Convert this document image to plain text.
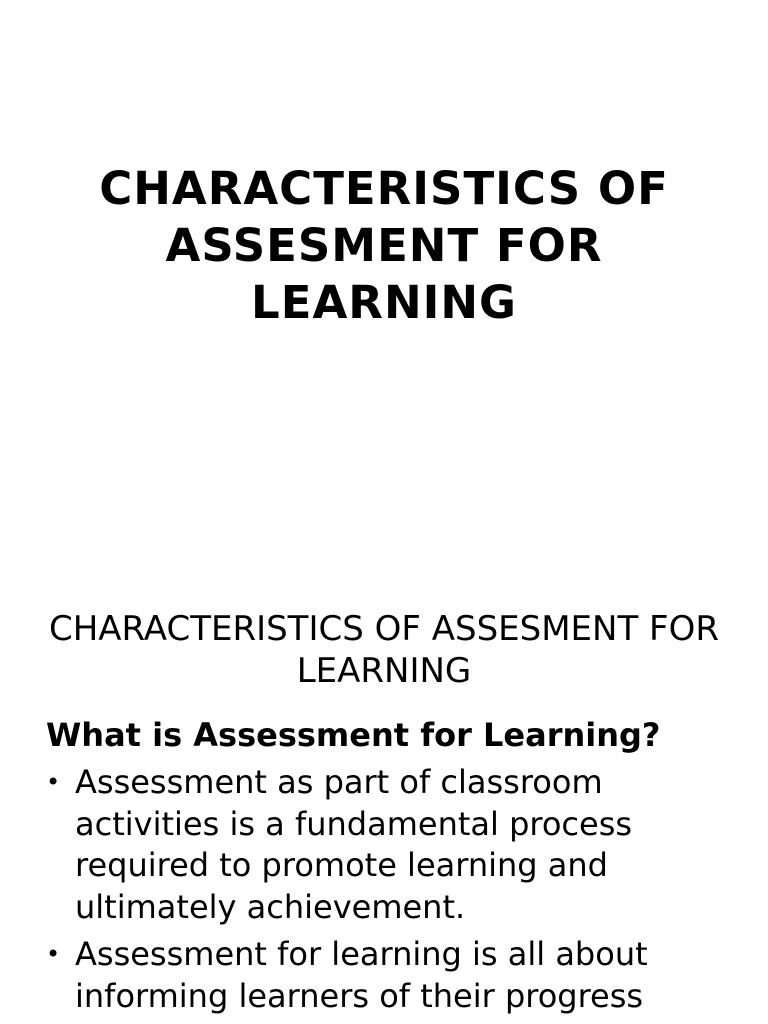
CHARACTERISTICS OF ASSESMENT FOR LEARNING
CHARACTERISTICS OF ASSESMENT FOR LEARNING

What is Assessment for Learning?

• Assessment as part of classroom activities is a fundamental process required to promote learning and ultimately achievement.
• Assessment for learning is all about informing learners of their progress
